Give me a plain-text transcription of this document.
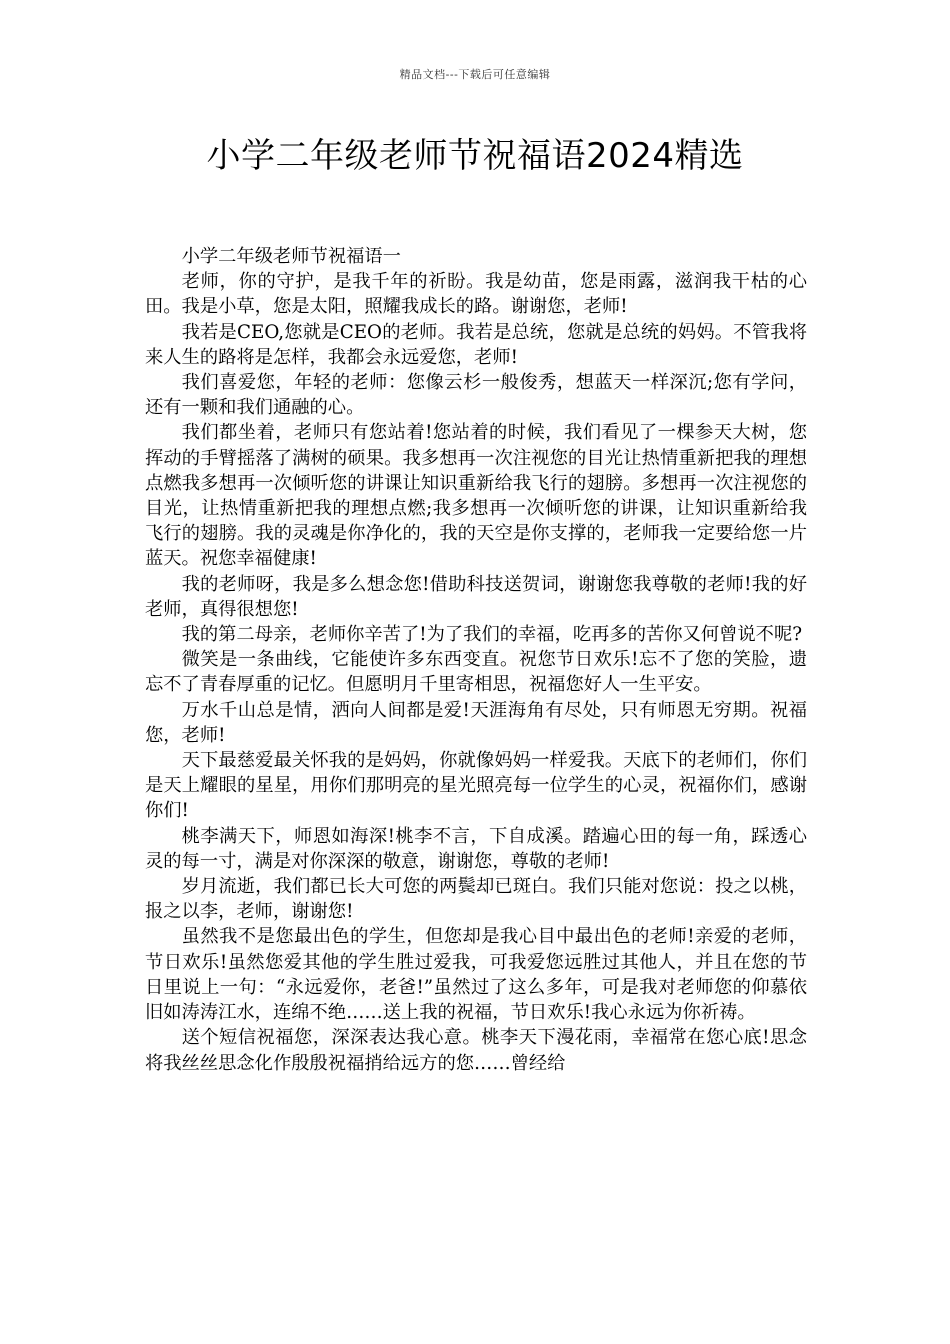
精品文档---下载后可任意编辑
小学二年级老师节祝福语2024精选

小学二年级老师节祝福语一

老师，你的守护，是我千年的祈盼。我是幼苗，您是雨露，滋润我干枯的心田。我是小草，您是太阳，照耀我成长的路。谢谢您，老师!

我若是CEO,您就是CEO的老师。我若是总统，您就是总统的妈妈。不管我将来人生的路将是怎样，我都会永远爱您，老师!

我们喜爱您，年轻的老师：您像云杉一般俊秀，想蓝天一样深沉;您有学问，还有一颗和我们通融的心。

我们都坐着，老师只有您站着!您站着的时候，我们看见了一棵参天大树，您挥动的手臂摇落了满树的硕果。我多想再一次注视您的目光让热情重新把我的理想点燃我多想再一次倾听您的讲课让知识重新给我飞行的翅膀。多想再一次注视您的目光，让热情重新把我的理想点燃;我多想再一次倾听您的讲课，让知识重新给我飞行的翅膀。我的灵魂是你净化的，我的天空是你支撑的，老师我一定要给您一片蓝天。祝您幸福健康!

我的老师呀，我是多么想念您!借助科技送贺词，谢谢您我尊敬的老师!我的好老师，真得很想您!

我的第二母亲，老师你辛苦了!为了我们的幸福，吃再多的苦你又何曾说不呢?

微笑是一条曲线，它能使许多东西变直。祝您节日欢乐!忘不了您的笑脸，遗忘不了青春厚重的记忆。但愿明月千里寄相思，祝福您好人一生平安。

万水千山总是情，洒向人间都是爱!天涯海角有尽处，只有师恩无穷期。祝福您，老师!

天下最慈爱最关怀我的是妈妈，你就像妈妈一样爱我。天底下的老师们，你们是天上耀眼的星星，用你们那明亮的星光照亮每一位学生的心灵，祝福你们，感谢你们!

桃李满天下，师恩如海深!桃李不言，下自成溪。踏遍心田的每一角，踩透心灵的每一寸，满是对你深深的敬意，谢谢您，尊敬的老师!

岁月流逝，我们都已长大可您的两鬓却已斑白。我们只能对您说：投之以桃，报之以李，老师，谢谢您!

虽然我不是您最出色的学生，但您却是我心目中最出色的老师!亲爱的老师，节日欢乐!虽然您爱其他的学生胜过爱我，可我爱您远胜过其他人，并且在您的节日里说上一句：“永远爱你，老爸!”虽然过了这么多年，可是我对老师您的仰慕依旧如涛涛江水，连绵不绝……送上我的祝福，节日欢乐!我心永远为你祈祷。

送个短信祝福您，深深表达我心意。桃李天下漫花雨，幸福常在您心底!思念将我丝丝思念化作殷殷祝福捎给远方的您……曾经给
